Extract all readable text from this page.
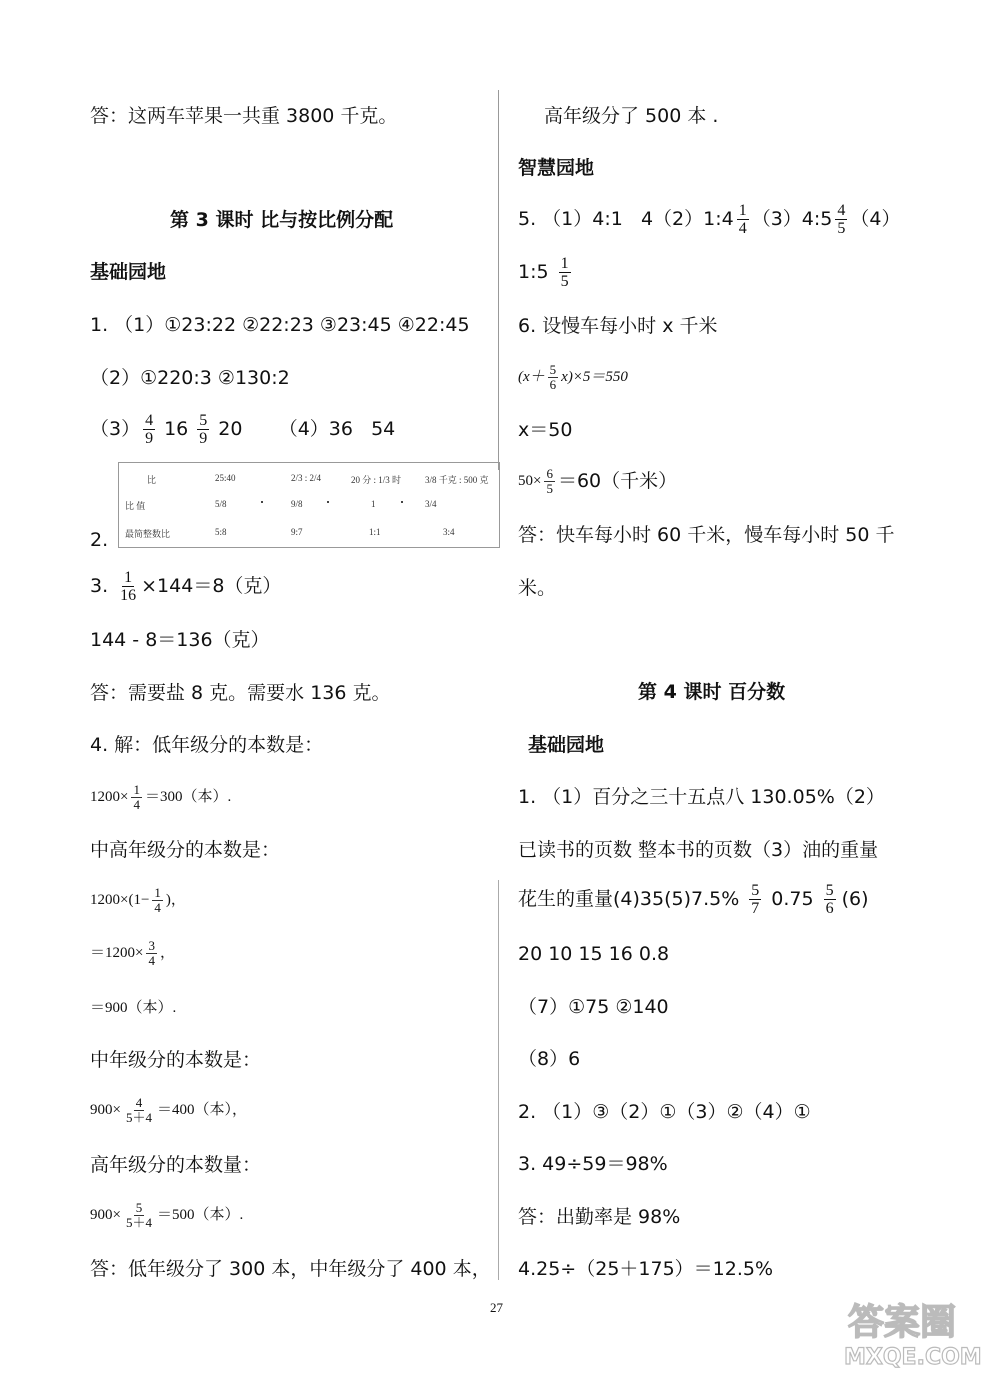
答：这两车苹果一共重 3800 千克。
第 3 课时 比与按比例分配
基础园地
1. （1）①23:22 ②22:23 ③23:45 ④22:45
（2）①220:3 ②130:2
$(3) \frac{4}{9} 16 \frac{5}{9} 20$      （4）36   54
2.
3. $\frac{1}{16} \times 144=8$（克）
144 - 8＝136（克）
答：需要盐 8 克。需要水 136 克。
4. 解：低年级分的本数是：
$1200\times \frac{1}{4} =300$（本）.
中高年级分的本数是：
$1200\times(1- \frac{1}{4}$ )，
$=1200\times \frac{3}{4}$ ，
＝900（本）.
中年级分的本数是：
$900\times \frac{4}{5+4} =400$（本），
高年级分的本数量：
$900\times \frac{5}{5+4} =500$（本）.
答：低年级分了 300 本，中年级分了 400 本，
比	25:40	2/3 : 2/4	20 分 : 1/3 时	3/8 千克 : 500 克
比 值	5/8	9/8	1	3/4
最简整数比	5:8	9:7	1:1	3:4
高年级分了 500 本 .
智慧园地
5. （1）4:1   4（2）1:4 $\frac{1}{4}$ （3）4:5 $\frac{4}{5} (4)$
1:5 $\frac{1}{5}$
6. 设慢车每小时 x 千米
$(x+ \frac{5}{6} x)\times 5=550$
x＝50
$50\times \frac{6}{5} =60$（千米）
答：快车每小时 60 千米，慢车每小时 50 千
米。
第 4 课时 百分数
基础园地
1. （1）百分之三十五点八 130.05%（2）
已读书的页数 整本书的页数（3）油的重量
花生的重量$(4)35(5)7.5\% \frac{5}{7} 0.75 \frac{5}{6} (6)$
20 10 15 16 0.8
（7）①75 ②140
（8）6
2. （1）③（2）①（3）②（4）①
3. 49÷59＝98%
答：出勤率是 98%
4.25÷（25＋175）＝12.5%
27	答案圈
MXQE.COM
